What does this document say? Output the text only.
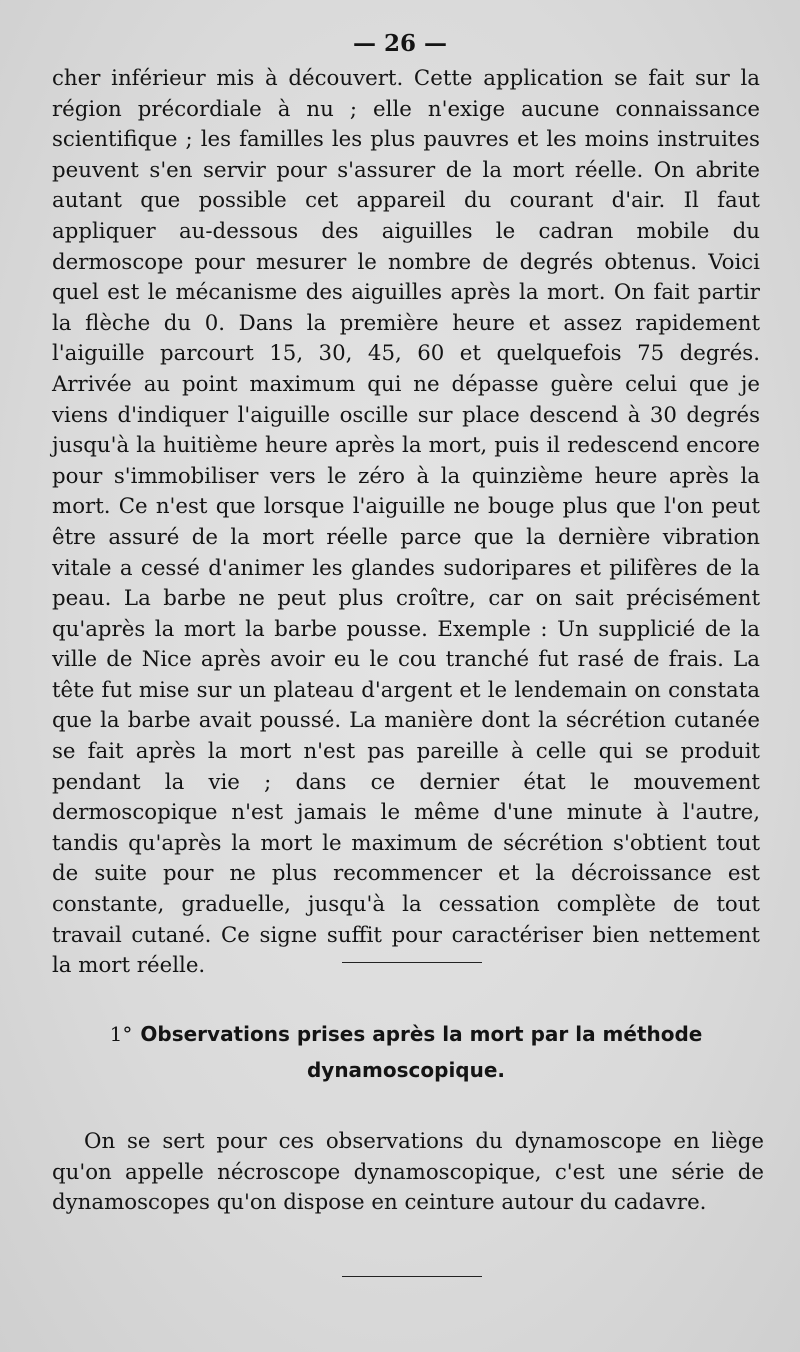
— 26 —
cher inférieur mis à découvert. Cette application se fait sur la région précordiale à nu ; elle n'exige aucune connaissance scientifique ; les familles les plus pauvres et les moins instruites peuvent s'en servir pour s'assurer de la mort réelle. On abrite autant que possible cet appareil du courant d'air. Il faut appliquer au-dessous des aiguilles le cadran mobile du dermoscope pour mesurer le nombre de degrés obtenus. Voici quel est le mécanisme des aiguilles après la mort. On fait partir la flèche du 0. Dans la première heure et assez rapidement l'aiguille parcourt 15, 30, 45, 60 et quelquefois 75 degrés. Arrivée au point maximum qui ne dépasse guère celui que je viens d'indiquer l'aiguille oscille sur place descend à 30 degrés jusqu'à la huitième heure après la mort, puis il redescend encore pour s'immobiliser vers le zéro à la quinzième heure après la mort. Ce n'est que lorsque l'aiguille ne bouge plus que l'on peut être assuré de la mort réelle parce que la dernière vibration vitale a cessé d'animer les glandes sudoripares et pilifères de la peau. La barbe ne peut plus croître, car on sait précisément qu'après la mort la barbe pousse. Exemple : Un supplicié de la ville de Nice après avoir eu le cou tranché fut rasé de frais. La tête fut mise sur un plateau d'argent et le lendemain on constata que la barbe avait poussé. La manière dont la sécrétion cutanée se fait après la mort n'est pas pareille à celle qui se produit pendant la vie ; dans ce dernier état le mouvement dermoscopique n'est jamais le même d'une minute à l'autre, tandis qu'après la mort le maximum de sécrétion s'obtient tout de suite pour ne plus recommencer et la décroissance est constante, graduelle, jusqu'à la cessation complète de tout travail cutané. Ce signe suffit pour caractériser bien nettement la mort réelle.
1° Observations prises après la mort par la méthode dynamoscopique.
On se sert pour ces observations du dynamoscope en liège qu'on appelle nécroscope dynamoscopique, c'est une série de dynamoscopes qu'on dispose en ceinture autour du cadavre.
